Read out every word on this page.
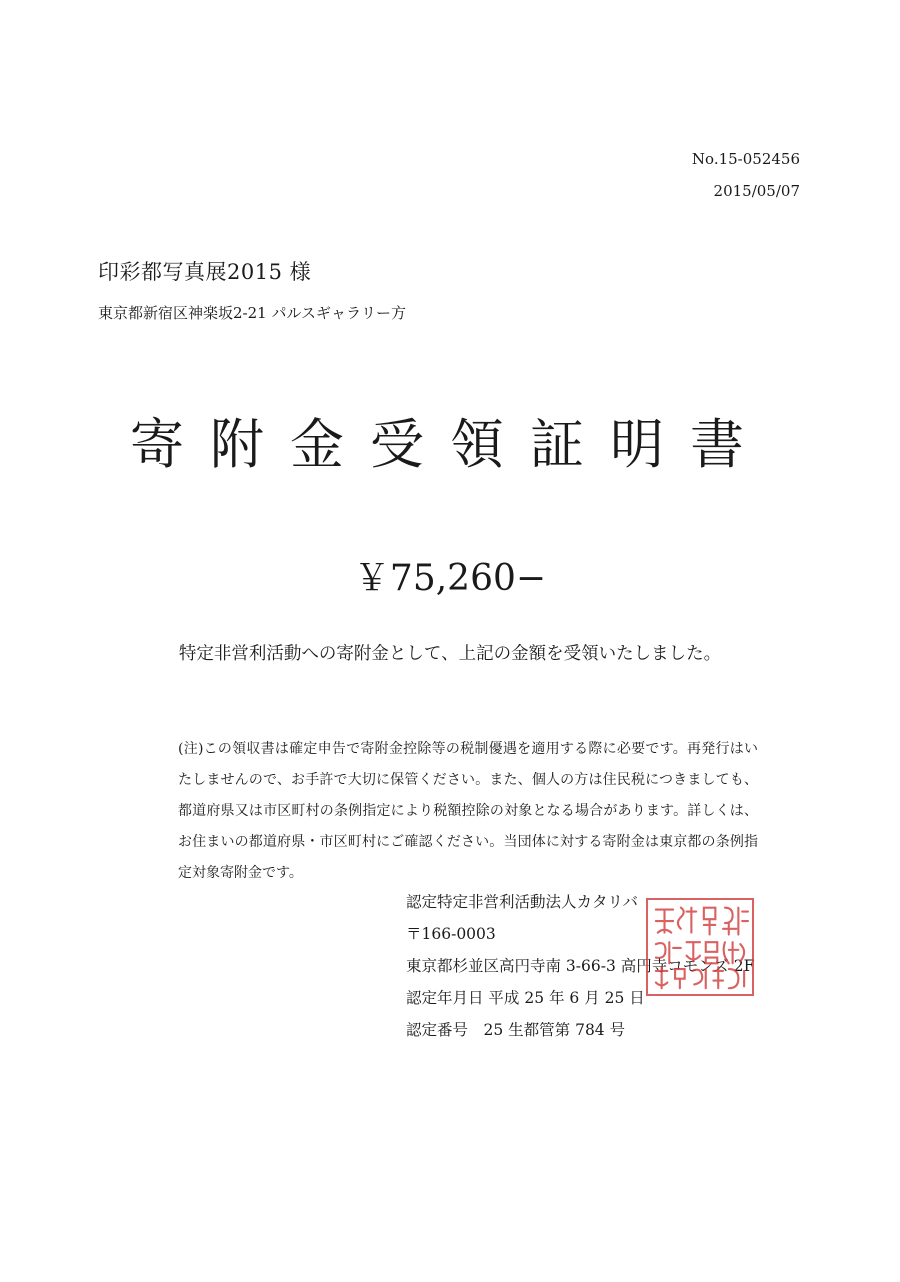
No.15-052456
2015/05/07
印彩都写真展2015 様
東京都新宿区神楽坂2-21 パルスギャラリー方
寄附金受領証明書
￥75,260−
特定非営利活動への寄附金として、上記の金額を受領いたしました。
(注)この領収書は確定申告で寄附金控除等の税制優遇を適用する際に必要です。再発行はいたしませんので、お手許で大切に保管ください。また、個人の方は住民税につきましても、都道府県又は市区町村の条例指定により税額控除の対象となる場合があります。詳しくは、お住まいの都道府県・市区町村にご確認ください。当団体に対する寄附金は東京都の条例指定対象寄附金です。
認定特定非営利活動法人カタリバ
〒166-0003
東京都杉並区高円寺南 3-66-3 高円寺コモンズ 2F
認定年月日 平成 25 年 6 月 25 日
認定番号　25 生都管第 784 号
